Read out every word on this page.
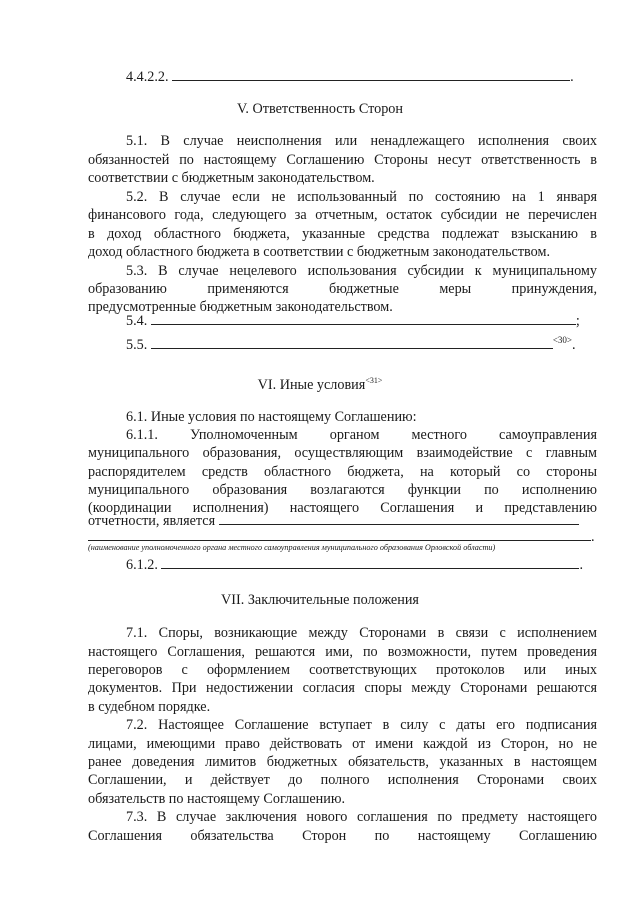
4.4.2.2.	.
V. Ответственность Сторон
5.1. В случае неисполнения или ненадлежащего исполнения своих
обязанностей по настоящему Соглашению Стороны несут ответственность в
соответствии с бюджетным законодательством.
5.2. В случае если не использованный по состоянию на 1 января
финансового года, следующего за отчетным, остаток субсидии не перечислен
в доход областного бюджета, указанные средства подлежат взысканию в
доход областного бюджета в соответствии с бюджетным законодательством.
5.3. В случае нецелевого использования субсидии к муниципальному
образованию применяются бюджетные меры принуждения,
предусмотренные бюджетным законодательством.
5.4.	;
5.5.	$^{<30>}$.
VI. Иные условия$^{<31>}$
6.1. Иные условия по настоящему Соглашению:
6.1.1. Уполномоченным органом местного самоуправления
муниципального образования, осуществляющим взаимодействие с главным
распорядителем средств областного бюджета, на который со стороны
муниципального образования возлагаются функции по исполнению
(координации исполнения) настоящего Соглашения и представлению
отчетности, является
.
(наименование уполномоченного органа местного самоуправления муниципального образования Орловской области)
6.1.2.	.
VII. Заключительные положения
7.1. Споры, возникающие между Сторонами в связи с исполнением
настоящего Соглашения, решаются ими, по возможности, путем проведения
переговоров с оформлением соответствующих протоколов или иных
документов. При недостижении согласия споры между Сторонами решаются
в судебном порядке.
7.2. Настоящее Соглашение вступает в силу с даты его подписания
лицами, имеющими право действовать от имени каждой из Сторон, но не
ранее доведения лимитов бюджетных обязательств, указанных в настоящем
Соглашении, и действует до полного исполнения Сторонами своих
обязательств по настоящему Соглашению.
7.3. В случае заключения нового соглашения по предмету настоящего
Соглашения обязательства Сторон по настоящему Соглашению
